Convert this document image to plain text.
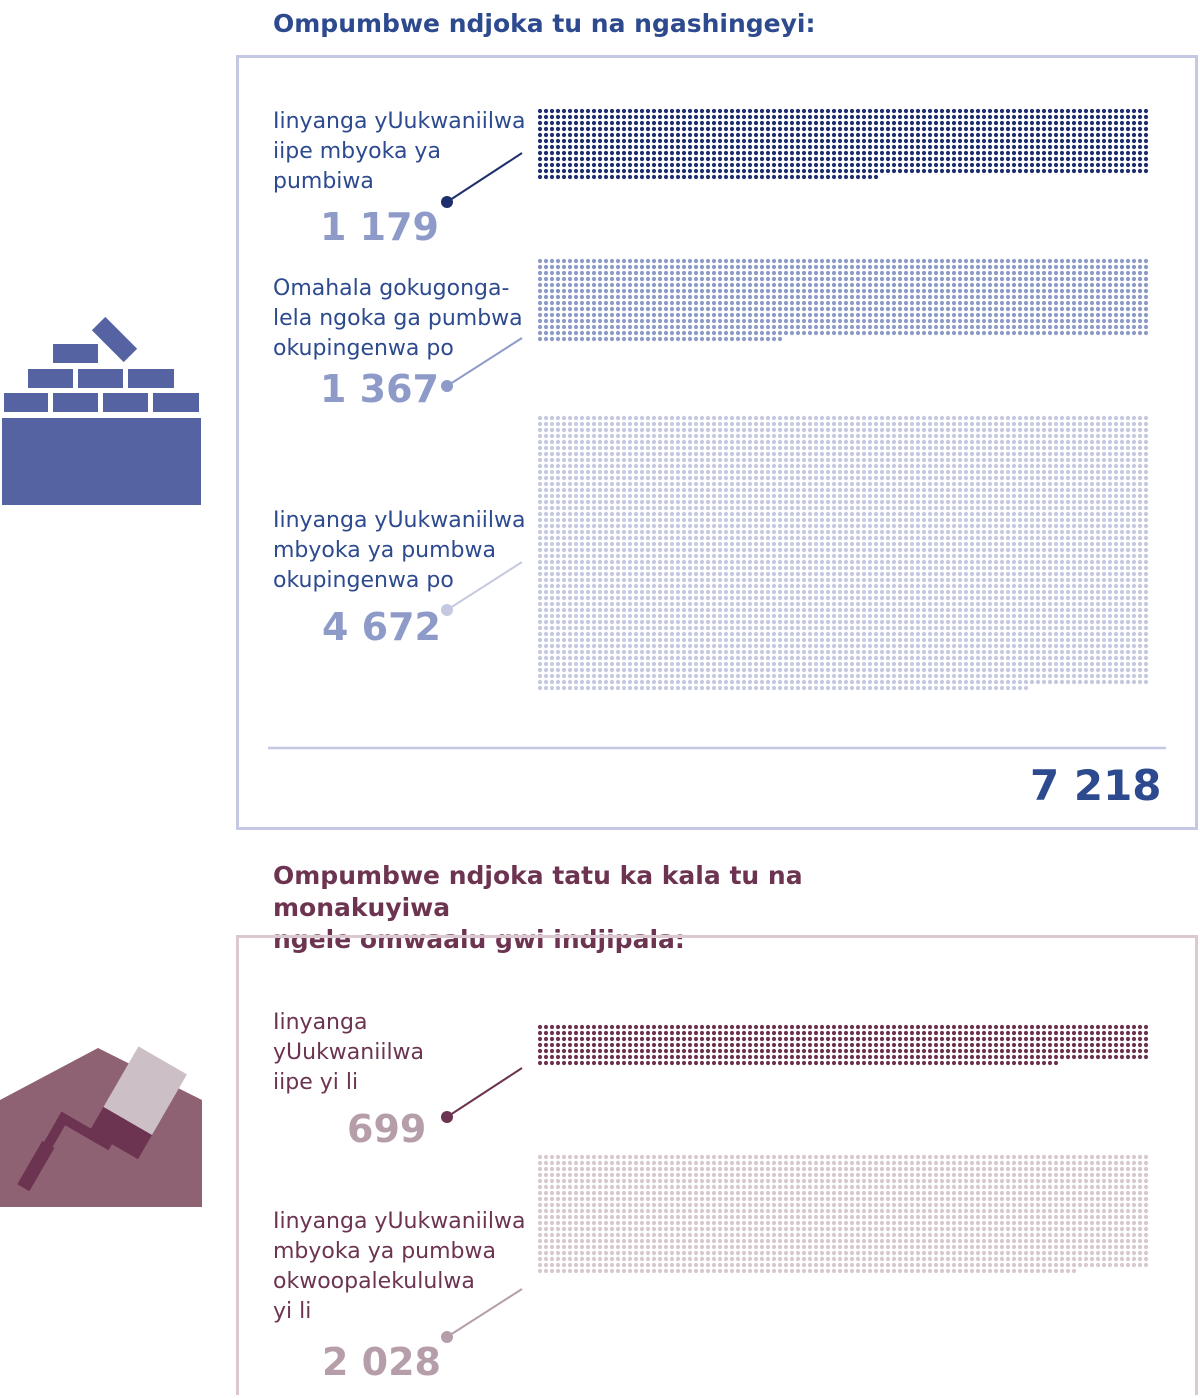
Ompumbwe ndjoka tu na ngashingeyi:

Iinyanga yUukwaniilwa
iipe mbyoka ya
pumbiwa

1 179

Omahala gokugonga-
lela ngoka ga pumbwa
okupingenwa po

1 367

Iinyanga yUukwaniilwa
mbyoka ya pumbwa
okupingenwa po

4 672

7 218

Ompumbwe ndjoka tatu ka kala tu na monakuyiwa
ngele omwaalu gwi indjipala:

Iinyanga
yUukwaniilwa
iipe yi li

699

Iinyanga yUukwaniilwa
mbyoka ya pumbwa
okwoopalekululwa
yi li

2 028
